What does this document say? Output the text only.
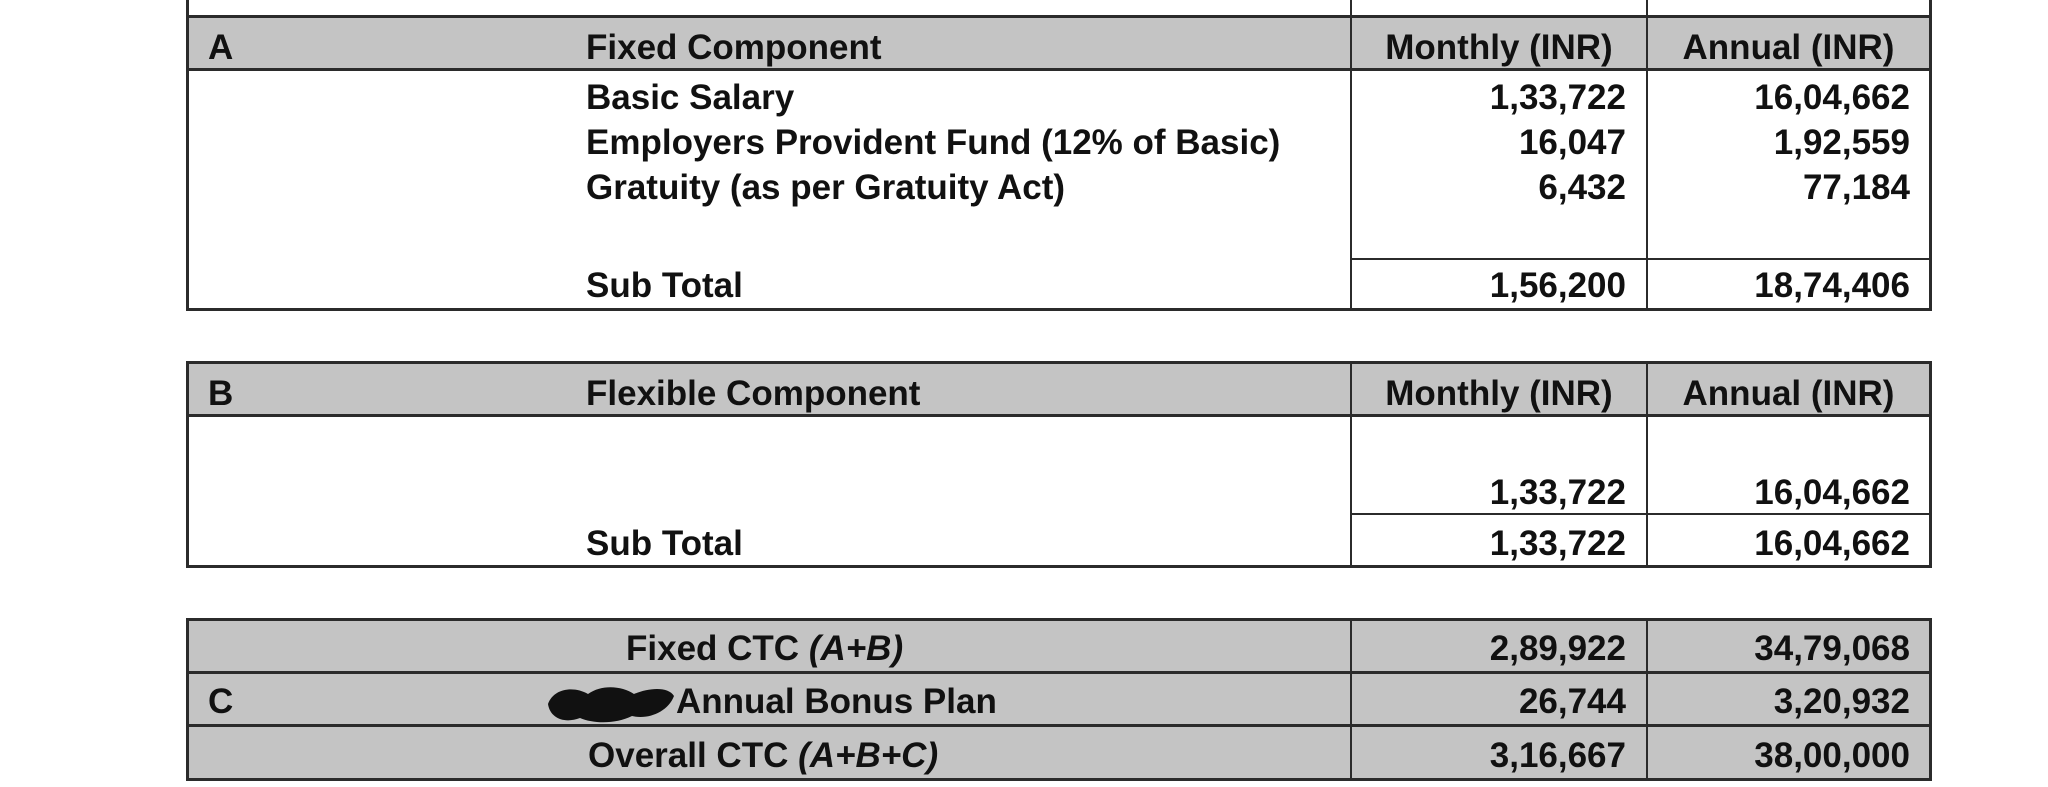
A	Fixed Component	Monthly (INR)	Annual (INR)
Basic Salary	1,33,722	16,04,662
Employers Provident Fund (12% of Basic)	16,047	1,92,559
Gratuity (as per Gratuity Act)	6,432	77,184
Sub Total	1,56,200	18,74,406
B	Flexible Component	Monthly (INR)	Annual (INR)
1,33,722	16,04,662
Sub Total	1,33,722	16,04,662
Fixed CTC (A+B)	2,89,922	34,79,068
C	Annual Bonus Plan	26,744	3,20,932
Overall CTC (A+B+C)	3,16,667	38,00,000
